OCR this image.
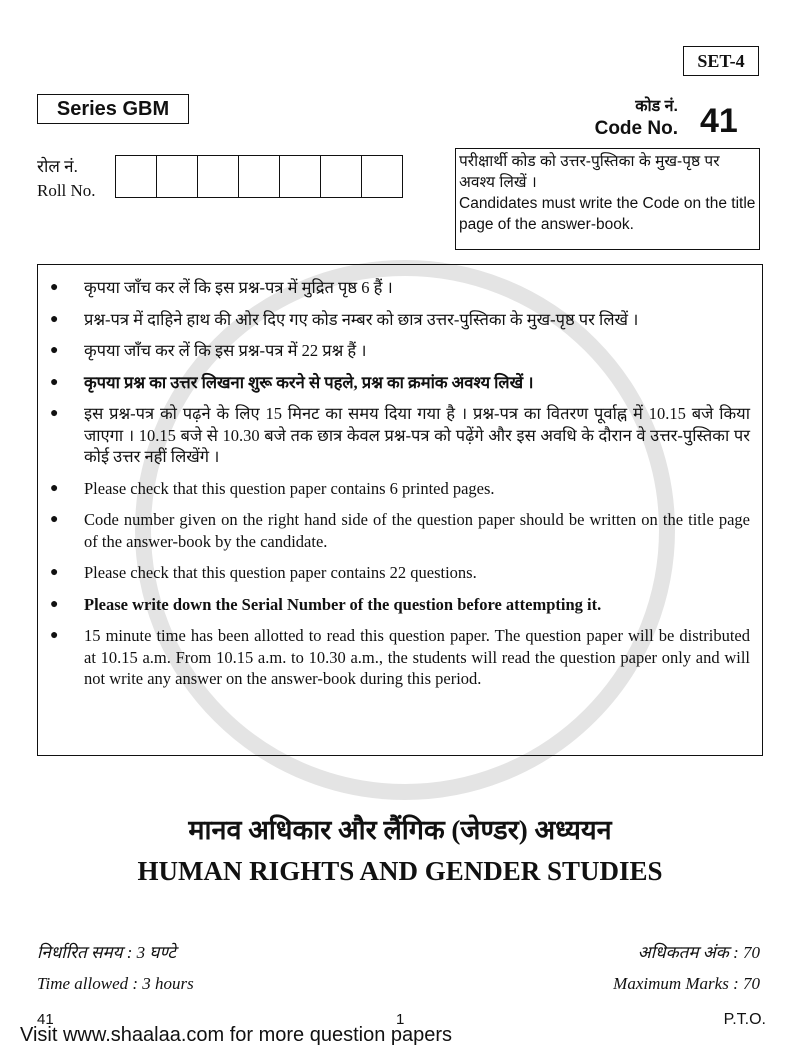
SET-4
Series GBM	कोड नं.
Code No. 41
रोल नं.
Roll No.
परीक्षार्थी कोड को उत्तर-पुस्तिका के मुख-पृष्ठ पर अवश्य लिखें ।
Candidates must write the Code on the title page of the answer-book.
●	कृपया जाँच कर लें कि इस प्रश्न-पत्र में मुद्रित पृष्ठ 6 हैं ।
●	प्रश्न-पत्र में दाहिने हाथ की ओर दिए गए कोड नम्बर को छात्र उत्तर-पुस्तिका के मुख-पृष्ठ पर लिखें ।
●	कृपया जाँच कर लें कि इस प्रश्न-पत्र में 22 प्रश्न हैं ।
●	कृपया प्रश्न का उत्तर लिखना शुरू करने से पहले, प्रश्न का क्रमांक अवश्य लिखें ।
●	इस प्रश्न-पत्र को पढ़ने के लिए 15 मिनट का समय दिया गया है । प्रश्न-पत्र का वितरण पूर्वाह्न में 10.15 बजे किया जाएगा । 10.15 बजे से 10.30 बजे तक छात्र केवल प्रश्न-पत्र को पढ़ेंगे और इस अवधि के दौरान वे उत्तर-पुस्तिका पर कोई उत्तर नहीं लिखेंगे ।
●	Please check that this question paper contains 6 printed pages.
●	Code number given on the right hand side of the question paper should be written on the title page of the answer-book by the candidate.
●	Please check that this question paper contains 22 questions.
●	Please write down the Serial Number of the question before attempting it.
●	15 minute time has been allotted to read this question paper. The question paper will be distributed at 10.15 a.m. From 10.15 a.m. to 10.30 a.m., the students will read the question paper only and will not write any answer on the answer-book during this period.
मानव अधिकार और लैंगिक (जेण्डर) अध्ययन
HUMAN RIGHTS AND GENDER STUDIES
निर्धारित समय : 3 घण्टे	अधिकतम अंक : 70
Time allowed : 3 hours	Maximum Marks : 70
41	1	P.T.O.
Visit www.shaalaa.com for more question papers
